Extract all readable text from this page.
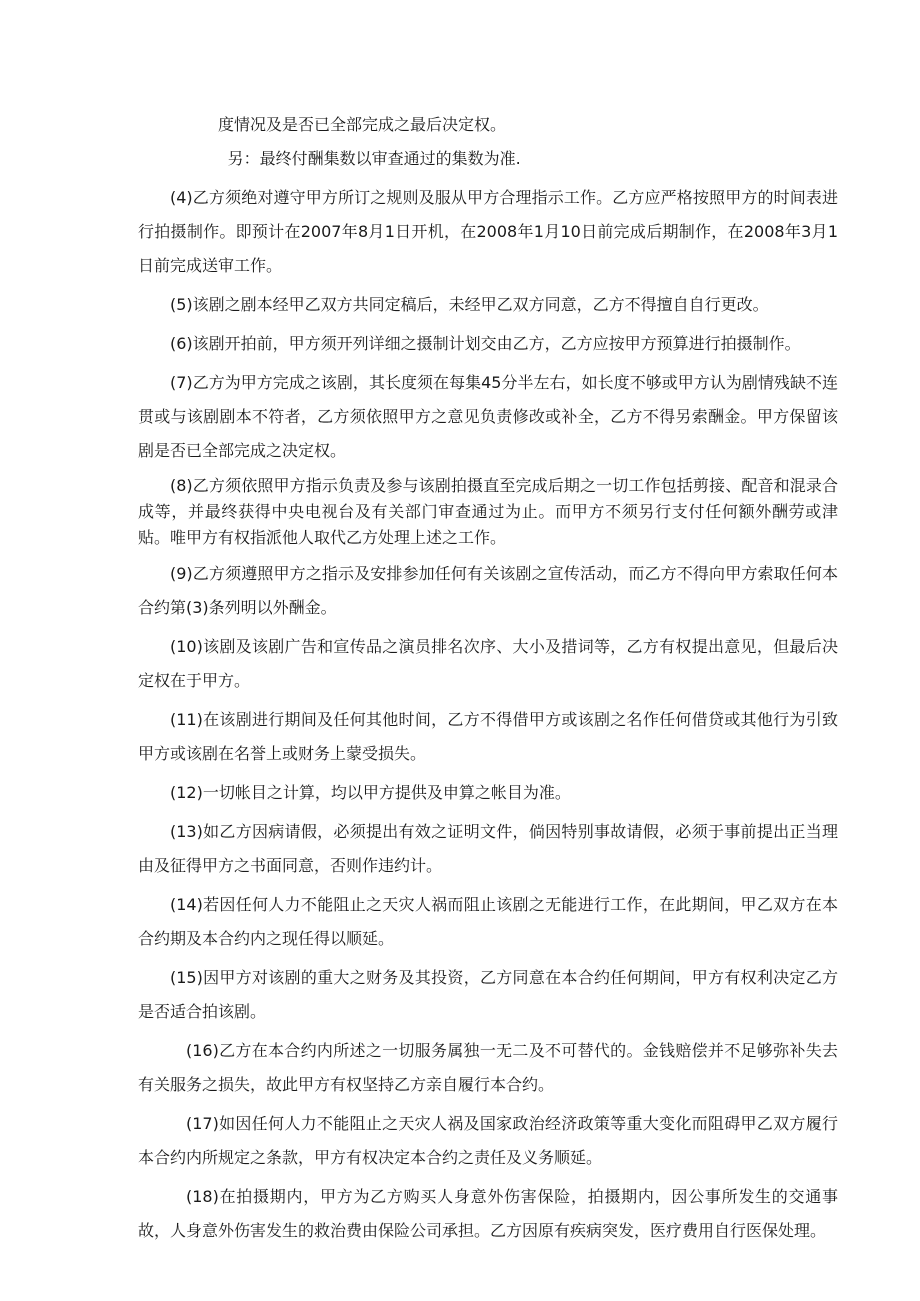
度情况及是否已全部完成之最后决定权。

另：最终付酬集数以审查通过的集数为准.

(4)乙方须绝对遵守甲方所订之规则及服从甲方合理指示工作。乙方应严格按照甲方的时间表进行拍摄制作。即预计在2007年8月1日开机，在2008年1月10日前完成后期制作，在2008年3月1日前完成送审工作。

(5)该剧之剧本经甲乙双方共同定稿后，未经甲乙双方同意，乙方不得擅自自行更改。

(6)该剧开拍前，甲方须开列详细之摄制计划交由乙方，乙方应按甲方预算进行拍摄制作。

(7)乙方为甲方完成之该剧，其长度须在每集45分半左右，如长度不够或甲方认为剧情残缺不连贯或与该剧剧本不符者，乙方须依照甲方之意见负责修改或补全，乙方不得另索酬金。甲方保留该剧是否已全部完成之决定权。

(8)乙方须依照甲方指示负责及参与该剧拍摄直至完成后期之一切工作包括剪接、配音和混录合成等，并最终获得中央电视台及有关部门审查通过为止。而甲方不须另行支付任何额外酬劳或津贴。唯甲方有权指派他人取代乙方处理上述之工作。

(9)乙方须遵照甲方之指示及安排参加任何有关该剧之宣传活动，而乙方不得向甲方索取任何本合约第(3)条列明以外酬金。

(10)该剧及该剧广告和宣传品之演员排名次序、大小及措词等，乙方有权提出意见，但最后决定权在于甲方。

(11)在该剧进行期间及任何其他时间，乙方不得借甲方或该剧之名作任何借贷或其他行为引致甲方或该剧在名誉上或财务上蒙受损失。

(12)一切帐目之计算，均以甲方提供及申算之帐目为准。

(13)如乙方因病请假，必须提出有效之证明文件，倘因特别事故请假，必须于事前提出正当理由及征得甲方之书面同意，否则作违约计。

(14)若因任何人力不能阻止之天灾人祸而阻止该剧之无能进行工作，在此期间，甲乙双方在本合约期及本合约内之现任得以顺延。

(15)因甲方对该剧的重大之财务及其投资，乙方同意在本合约任何期间，甲方有权利决定乙方是否适合拍该剧。

(16)乙方在本合约内所述之一切服务属独一无二及不可替代的。金钱赔偿并不足够弥补失去有关服务之损失，故此甲方有权坚持乙方亲自履行本合约。

(17)如因任何人力不能阻止之天灾人祸及国家政治经济政策等重大变化而阻碍甲乙双方履行本合约内所规定之条款，甲方有权决定本合约之责任及义务顺延。

(18)在拍摄期内，甲方为乙方购买人身意外伤害保险，拍摄期内，因公事所发生的交通事故，人身意外伤害发生的救治费由保险公司承担。乙方因原有疾病突发，医疗费用自行医保处理。
